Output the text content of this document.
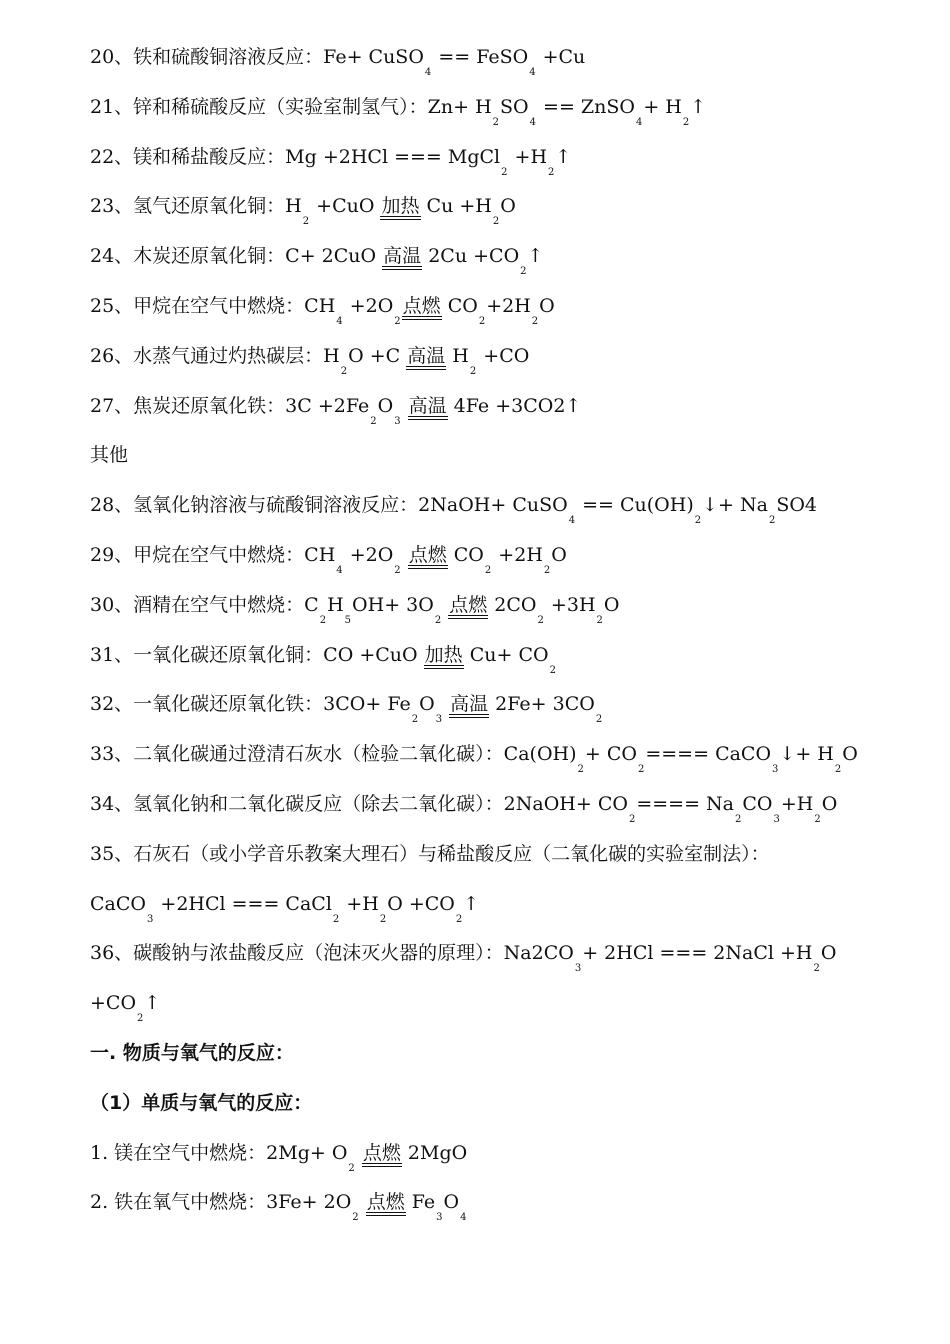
20、铁和硫酸铜溶液反应：Fe+ CuSO$_4$ == FeSO$_4$ +Cu
21、锌和稀硫酸反应（实验室制氢气）：$Zn+ H_2SO_4$ == ZnSO$_4$+ $H_2↑$
22、镁和稀盐酸反应：Mg +2HCl === MgCl$_2$ $+H_2↑$
23、氢气还原氧化铜：$H_2 +CuO$ 加热 $Cu +H_2O$
24、木炭还原氧化铜：C+ 2CuO 高温 $2Cu +CO_2↑$
25、甲烷在空气中燃烧：$CH_4 +2O_2$点燃 $CO_2+2H_2O$
26、水蒸气通过灼热碳层：$H_2O +C$ 高温 $H_2 +CO$
27、焦炭还原氧化铁：$3C +2Fe_2O_3$ 高温 4Fe +3CO2↑
其他
28、氢氧化钠溶液与硫酸铜溶液反应：2NaOH+ CuSO$_4$ == $Cu(OH)_2↓+ Na_2SO4$
29、甲烷在空气中燃烧：$CH_4 +2O_2$ 点燃 $CO_2 +2H_2O$
30、酒精在空气中燃烧：$C_2H_5OH+ 3O_2$ 点燃 $2CO_2 +3H_2O$
31、一氧化碳还原氧化铜：CO +CuO 加热 $Cu+ CO_2$
32、一氧化碳还原氧化铁：$3CO+ Fe_2O_3$ 高温 $2Fe+ 3CO_2$
33、二氧化碳通过澄清石灰水（检验二氧化碳）：$Ca(OH)_2+ CO_2====$ CaCO$_3$↓+ $H_2O$
34、氢氧化钠和二氧化碳反应（除去二氧化碳）：2NaOH+ $CO_2==== Na_2CO_3+H_2O$
35、石灰石（或小学音乐教案大理石）与稀盐酸反应（二氧化碳的实验室制法）：
CaCO$_3$ +2HCl === CaCl$_2$ $+H_2O$ $+CO_2↑$
36、碳酸钠与浓盐酸反应（泡沫灭火器的原理）：$Na2CO_3+ 2HCl$ === 2NaCl $+H_2O$
$+CO_2↑$
一. 物质与氧气的反应：
（1）单质与氧气的反应：
1. 镁在空气中燃烧：$2Mg+ O_2$ 点燃 2MgO
2. 铁在氧气中燃烧：$3Fe+ 2O_2$ 点燃 $Fe_3O_4$
